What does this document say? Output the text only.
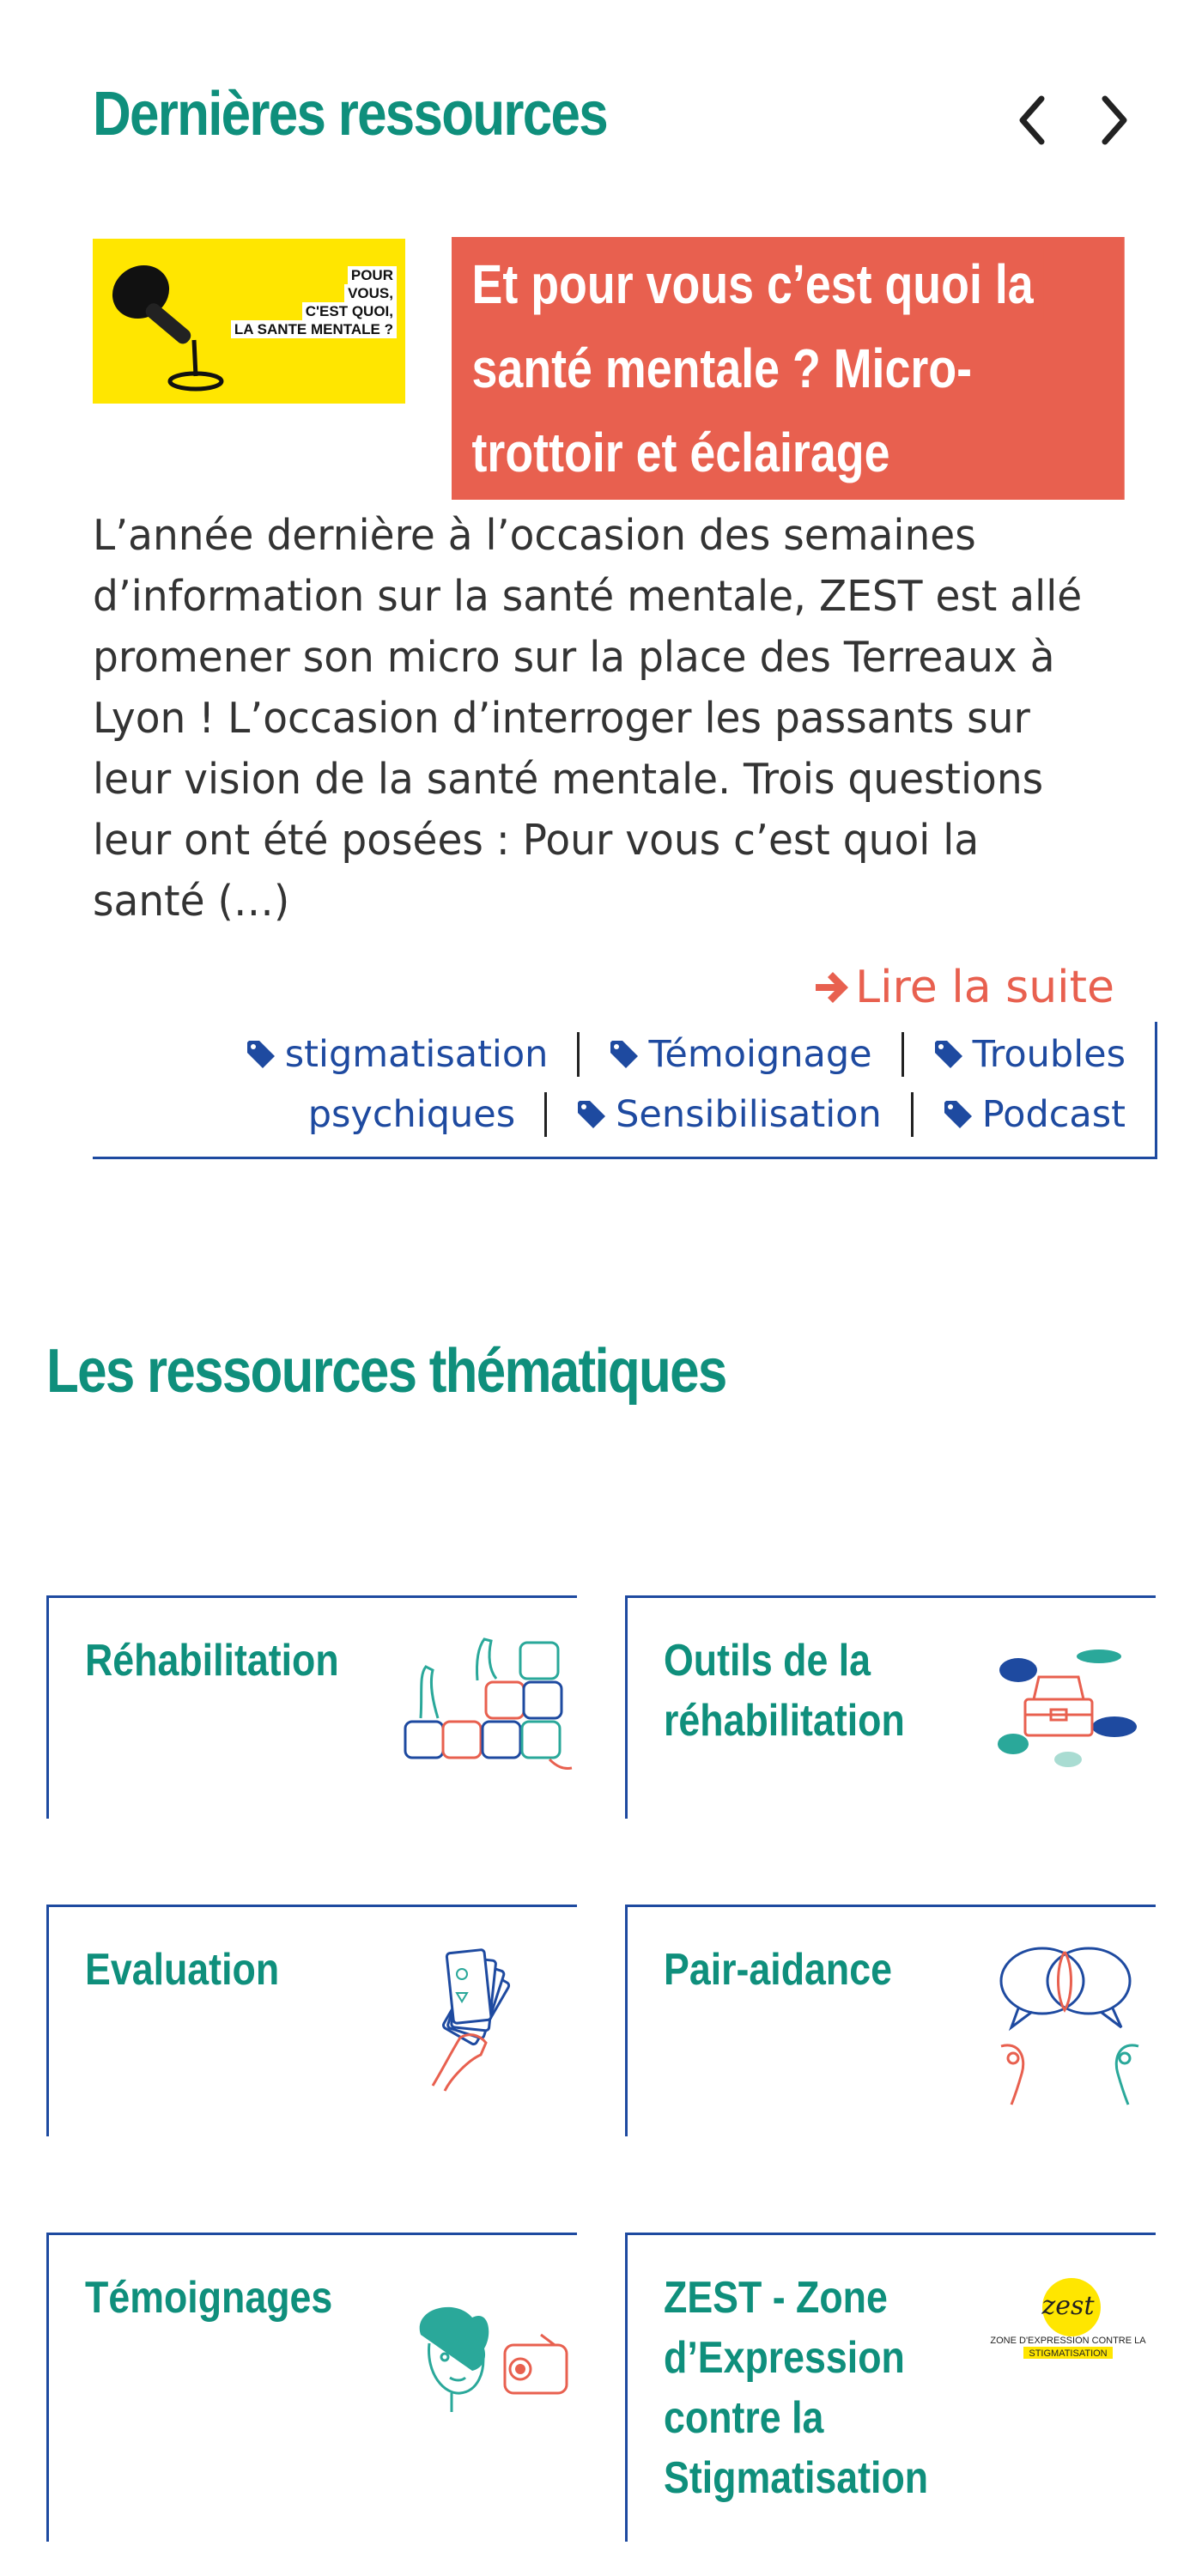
Dernières ressources
POUR
VOUS,
C'EST QUOI,
LA SANTE MENTALE ?
Et pour vous c’est quoi la santé mentale ? Micro-trottoir et éclairage

L’année dernière à l’occasion des semaines d’information sur la santé mentale, ZEST est allé promener son micro sur la place des Terreaux à Lyon ! L’occasion d’interroger les passants sur leur vision de la santé mentale. Trois questions leur ont été posées : Pour vous c’est quoi la santé (…)

Lire la suite
stigmatisation	Témoignage	Troubles
psychiques	Sensibilisation	Podcast
Les ressources thématiques
Réhabilitation	Outils de la réhabilitation
Evaluation	Pair-aidance
Témoignages	ZEST - Zone d’Expression contre la Stigmatisation
zest
ZONE D'EXPRESSION CONTRE LA
STIGMATISATION
